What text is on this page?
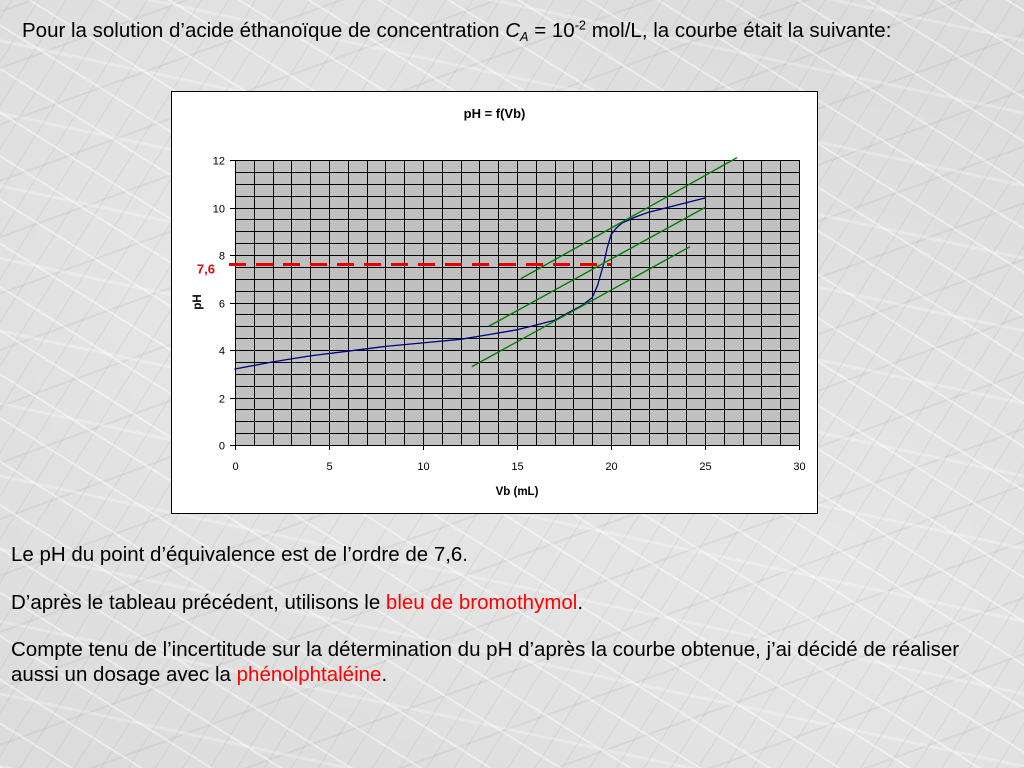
Pour la solution d’acide éthanoïque de concentration $C_A = 10^{-2}$ mol/L, la courbe était la suivante:
pH = f(Vb)
0
2
4
6
8
10
12
0	5	10	15	20	25	30
7,6
Vb (mL)
pH
Le pH du point d’équivalence est de l’ordre de 7,6.
D’après le tableau précédent, utilisons le bleu de bromothymol.
Compte tenu de l’incertitude sur la détermination du pH d’après la courbe obtenue, j’ai décidé de réaliser
aussi un dosage avec la phénolphtaléine.
